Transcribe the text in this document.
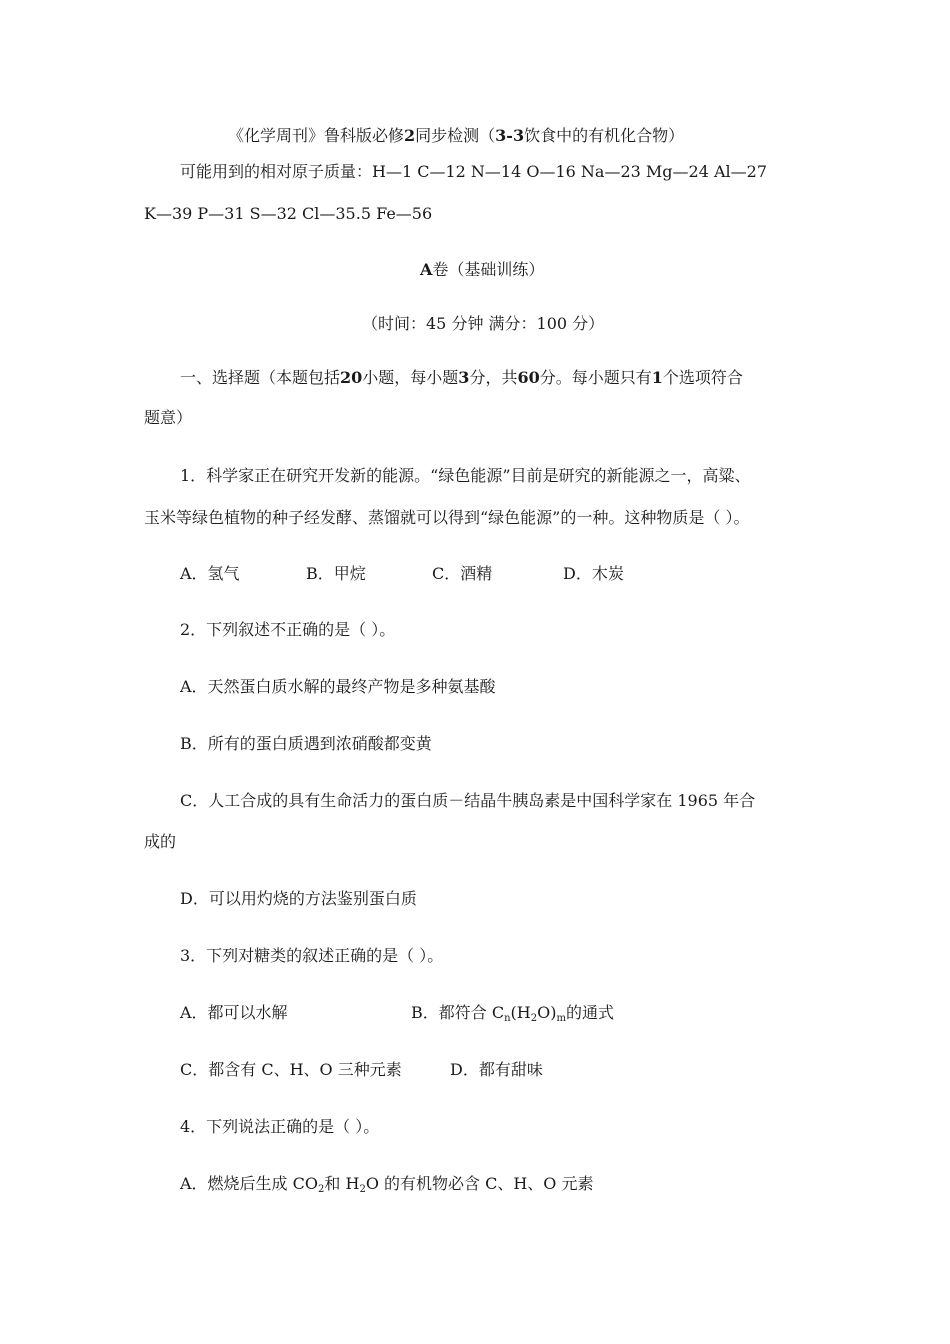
《化学周刊》鲁科版必修2同步检测（3-3饮食中的有机化合物）
可能用到的相对原子质量：H—1 C—12 N—14 O—16 Na—23 Mg—24 Al—27
K—39 P—31 S—32 Cl—35.5 Fe—56
A卷（基础训练）
（时间：45 分钟 满分：100 分）
一、选择题（本题包括20小题，每小题3分，共60分。每小题只有1个选项符合
题意）
1．科学家正在研究开发新的能源。“绿色能源”目前是研究的新能源之一，高粱、
玉米等绿色植物的种子经发酵、蒸馏就可以得到“绿色能源”的一种。这种物质是（ ）。
A．氢气	B．甲烷	C．酒精	D．木炭
2．下列叙述不正确的是（ ）。
A．天然蛋白质水解的最终产物是多种氨基酸
B．所有的蛋白质遇到浓硝酸都变黄
C．人工合成的具有生命活力的蛋白质－结晶牛胰岛素是中国科学家在 1965 年合
成的
D．可以用灼烧的方法鉴别蛋白质
3．下列对糖类的叙述正确的是（ ）。
A．都可以水解	B．都符合 $C_n(H_2O)_m$的通式
C．都含有 C、H、O 三种元素	D．都有甜味
4．下列说法正确的是（ ）。
A．燃烧后生成 $CO_2$和 $H_2O$ 的有机物必含 C、H、O 元素
